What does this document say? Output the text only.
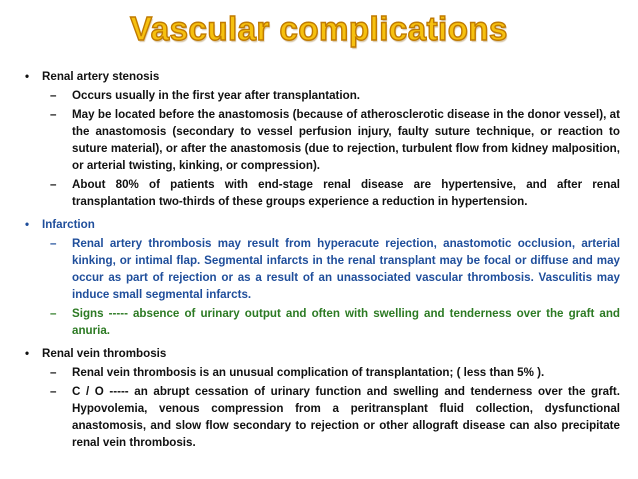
Vascular complications
• Renal artery stenosis
– Occurs usually in the first year after transplantation.
– May be located before the anastomosis (because of atherosclerotic disease in the donor vessel), at the anastomosis (secondary to vessel perfusion injury, faulty suture technique, or reaction to suture material), or after the anastomosis (due to rejection, turbulent flow from kidney malposition, or arterial twisting, kinking, or compression).
– About 80% of patients with end-stage renal disease are hypertensive, and after renal transplantation two-thirds of these groups experience a reduction in hypertension.
• Infarction
– Renal artery thrombosis may result from hyperacute rejection, anastomotic occlusion, arterial kinking, or intimal flap. Segmental infarcts in the renal transplant may be focal or diffuse and may occur as part of rejection or as a result of an unassociated vascular thrombosis. Vasculitis may induce small segmental infarcts.
– Signs ----- absence of urinary output and often with swelling and tenderness over the graft and anuria.
• Renal vein thrombosis
– Renal vein thrombosis is an unusual complication of transplantation; ( less than 5% ).
– C / O ----- an abrupt cessation of urinary function and swelling and tenderness over the graft. Hypovolemia, venous compression from a peritransplant fluid collection, dysfunctional anastomosis, and slow flow secondary to rejection or other allograft disease can also precipitate renal vein thrombosis.
